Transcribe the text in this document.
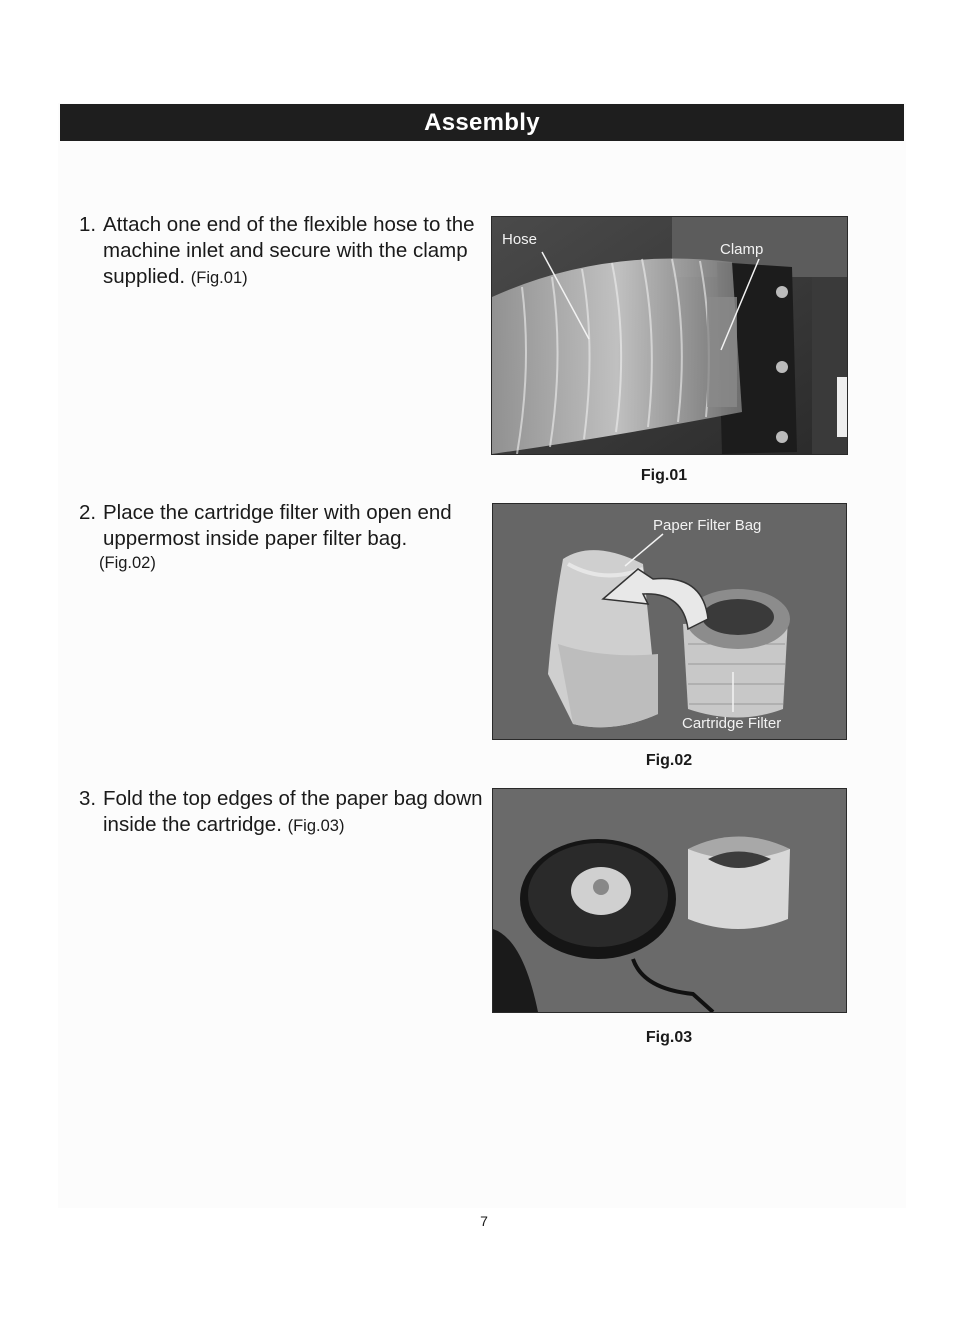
Assembly
1. Attach one end of the flexible hose to the machine inlet and secure with the clamp supplied. (Fig.01)
Hose
Clamp
Fig.01
2. Place the cartridge filter with open end uppermost inside paper filter bag.
(Fig.02)
Paper Filter Bag
Cartridge Filter
Fig.02
3. Fold the top edges of the paper bag down inside the cartridge. (Fig.03)
Fig.03
7
